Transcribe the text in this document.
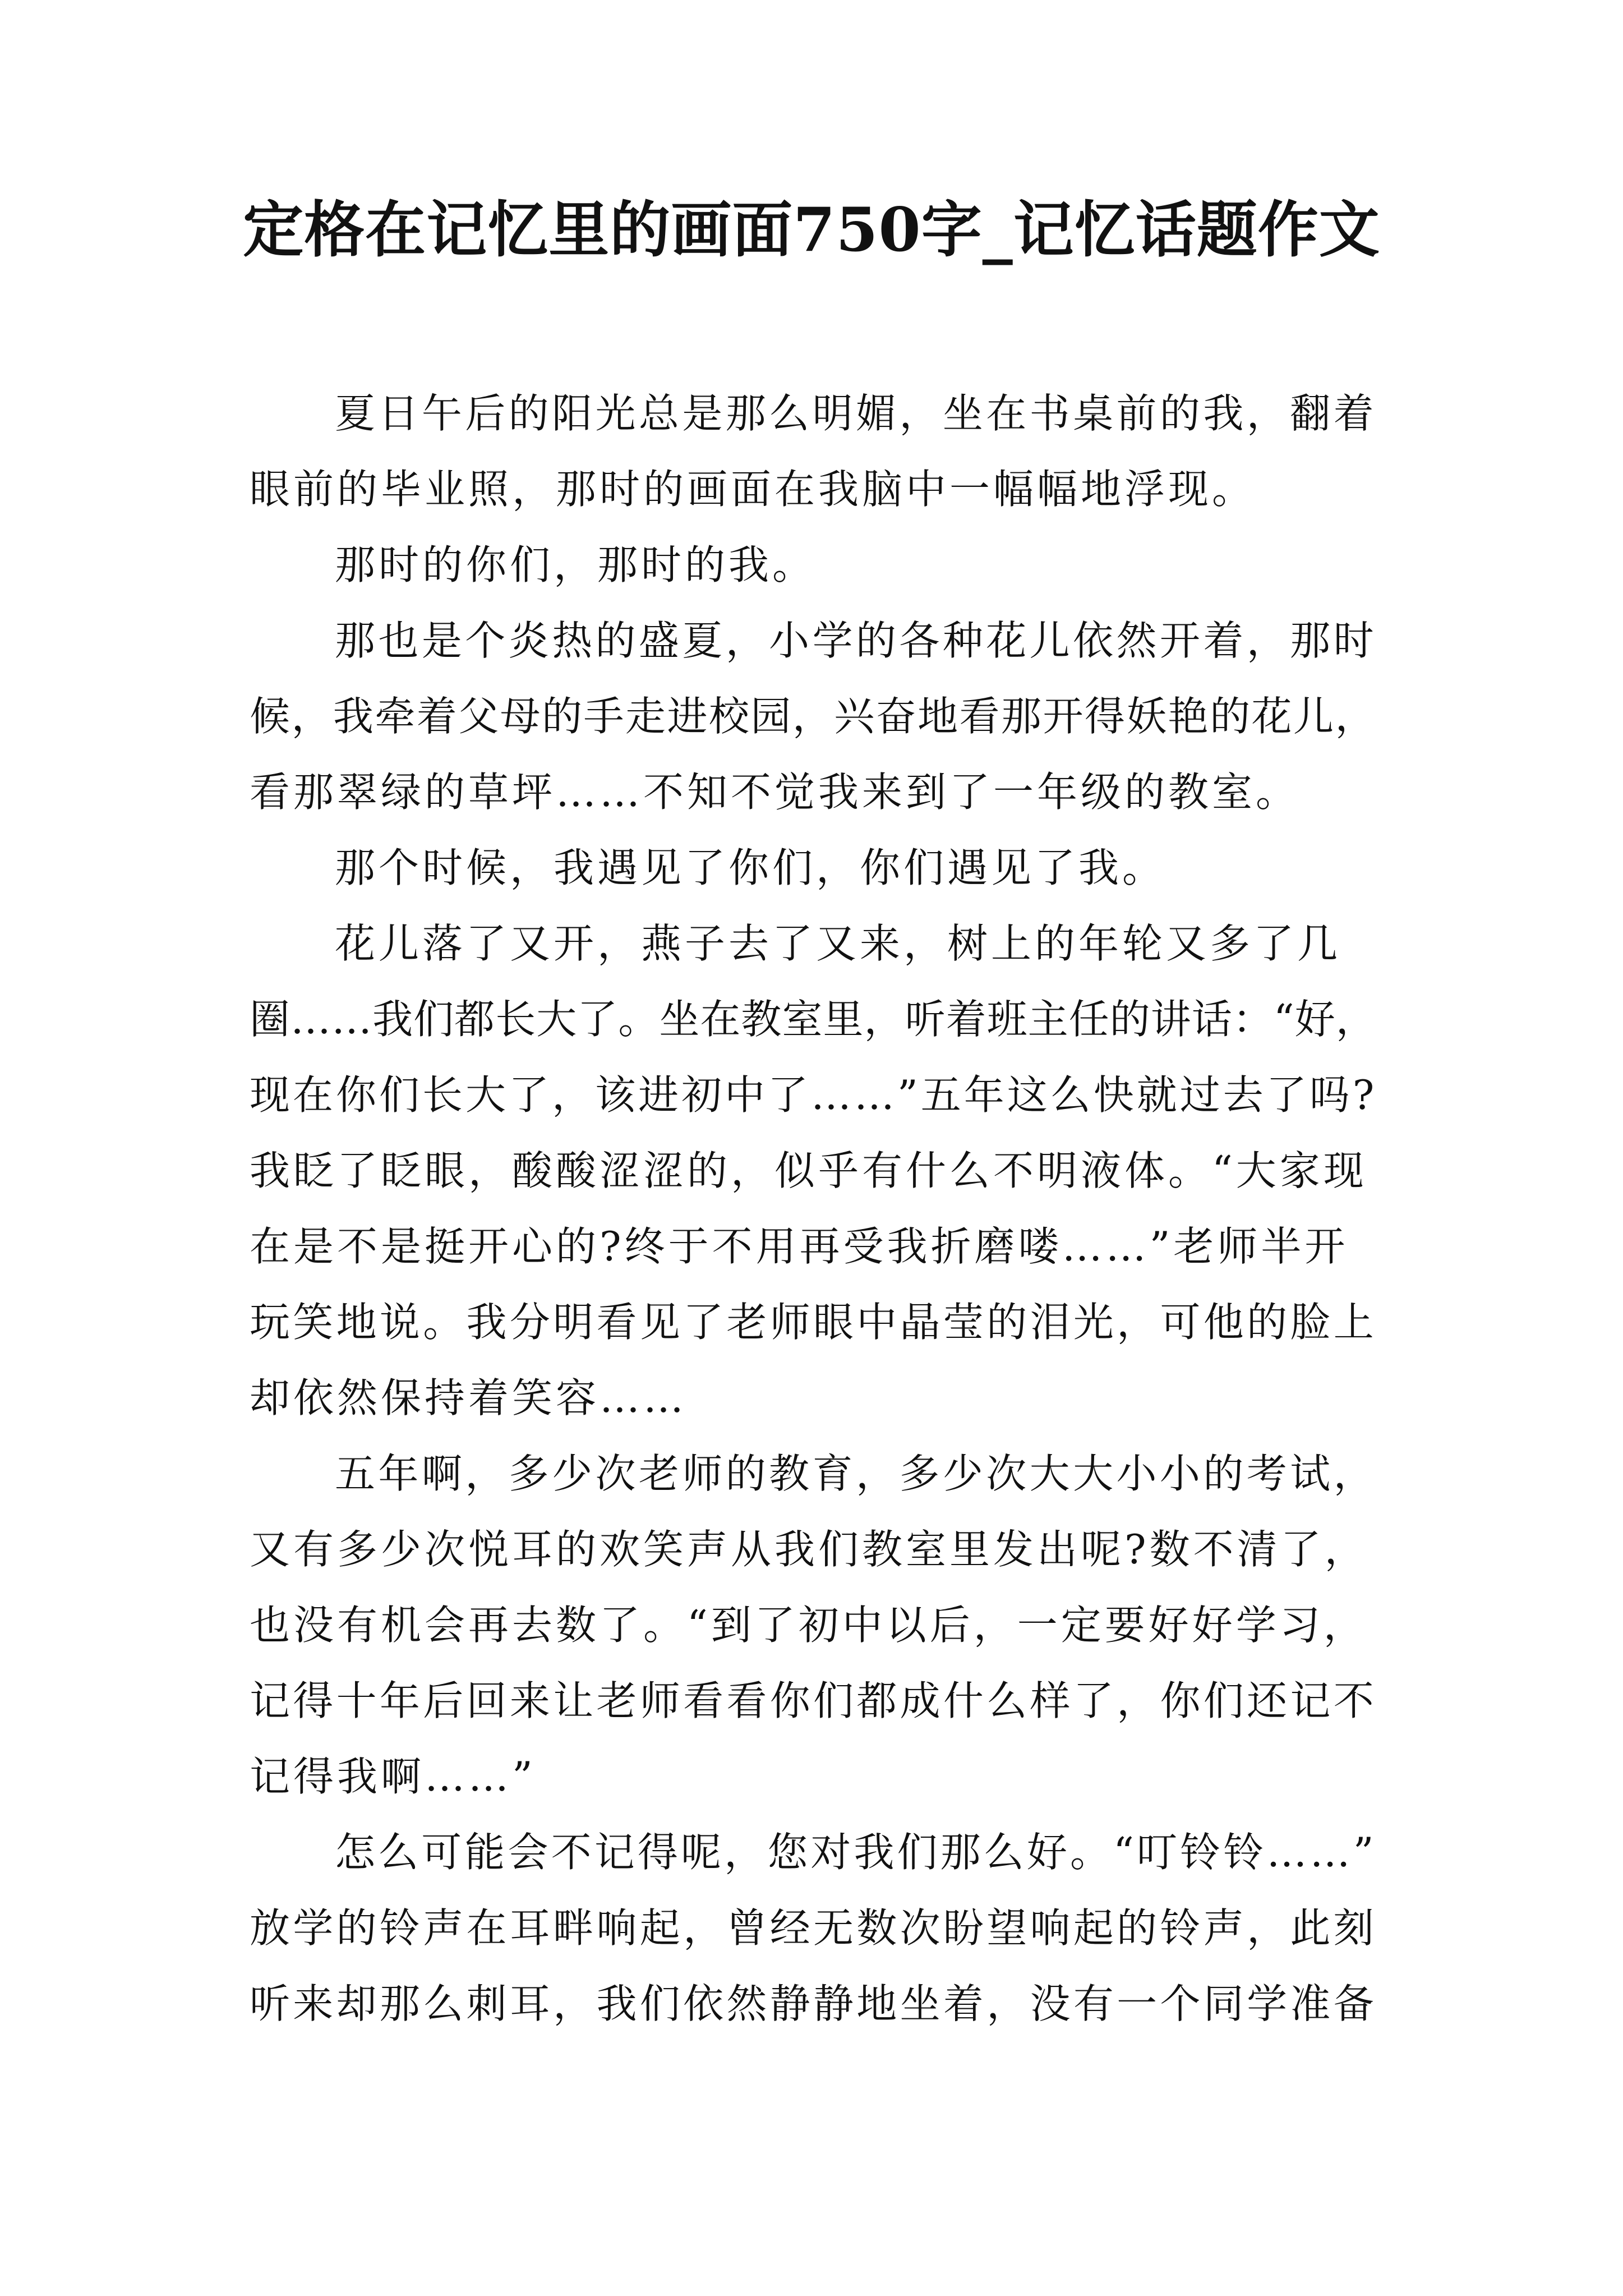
定格在记忆里的画面750字_记忆话题作文
夏日午后的阳光总是那么明媚，坐在书桌前的我，翻着
眼前的毕业照，那时的画面在我脑中一幅幅地浮现。
那时的你们，那时的我。
那也是个炎热的盛夏，小学的各种花儿依然开着，那时
候，我牵着父母的手走进校园，兴奋地看那开得妖艳的花儿，
看那翠绿的草坪……不知不觉我来到了一年级的教室。
那个时候，我遇见了你们，你们遇见了我。
花儿落了又开，燕子去了又来，树上的年轮又多了几
圈……我们都长大了。坐在教室里，听着班主任的讲话：“好，
现在你们长大了，该进初中了……”五年这么快就过去了吗?
我眨了眨眼，酸酸涩涩的，似乎有什么不明液体。“大家现
在是不是挺开心的?终于不用再受我折磨喽……”老师半开
玩笑地说。我分明看见了老师眼中晶莹的泪光，可他的脸上
却依然保持着笑容……
五年啊，多少次老师的教育，多少次大大小小的考试，
又有多少次悦耳的欢笑声从我们教室里发出呢?数不清了，
也没有机会再去数了。“到了初中以后，一定要好好学习，
记得十年后回来让老师看看你们都成什么样了，你们还记不
记得我啊……”
怎么可能会不记得呢，您对我们那么好。“叮铃铃……”
放学的铃声在耳畔响起，曾经无数次盼望响起的铃声，此刻
听来却那么刺耳，我们依然静静地坐着，没有一个同学准备
